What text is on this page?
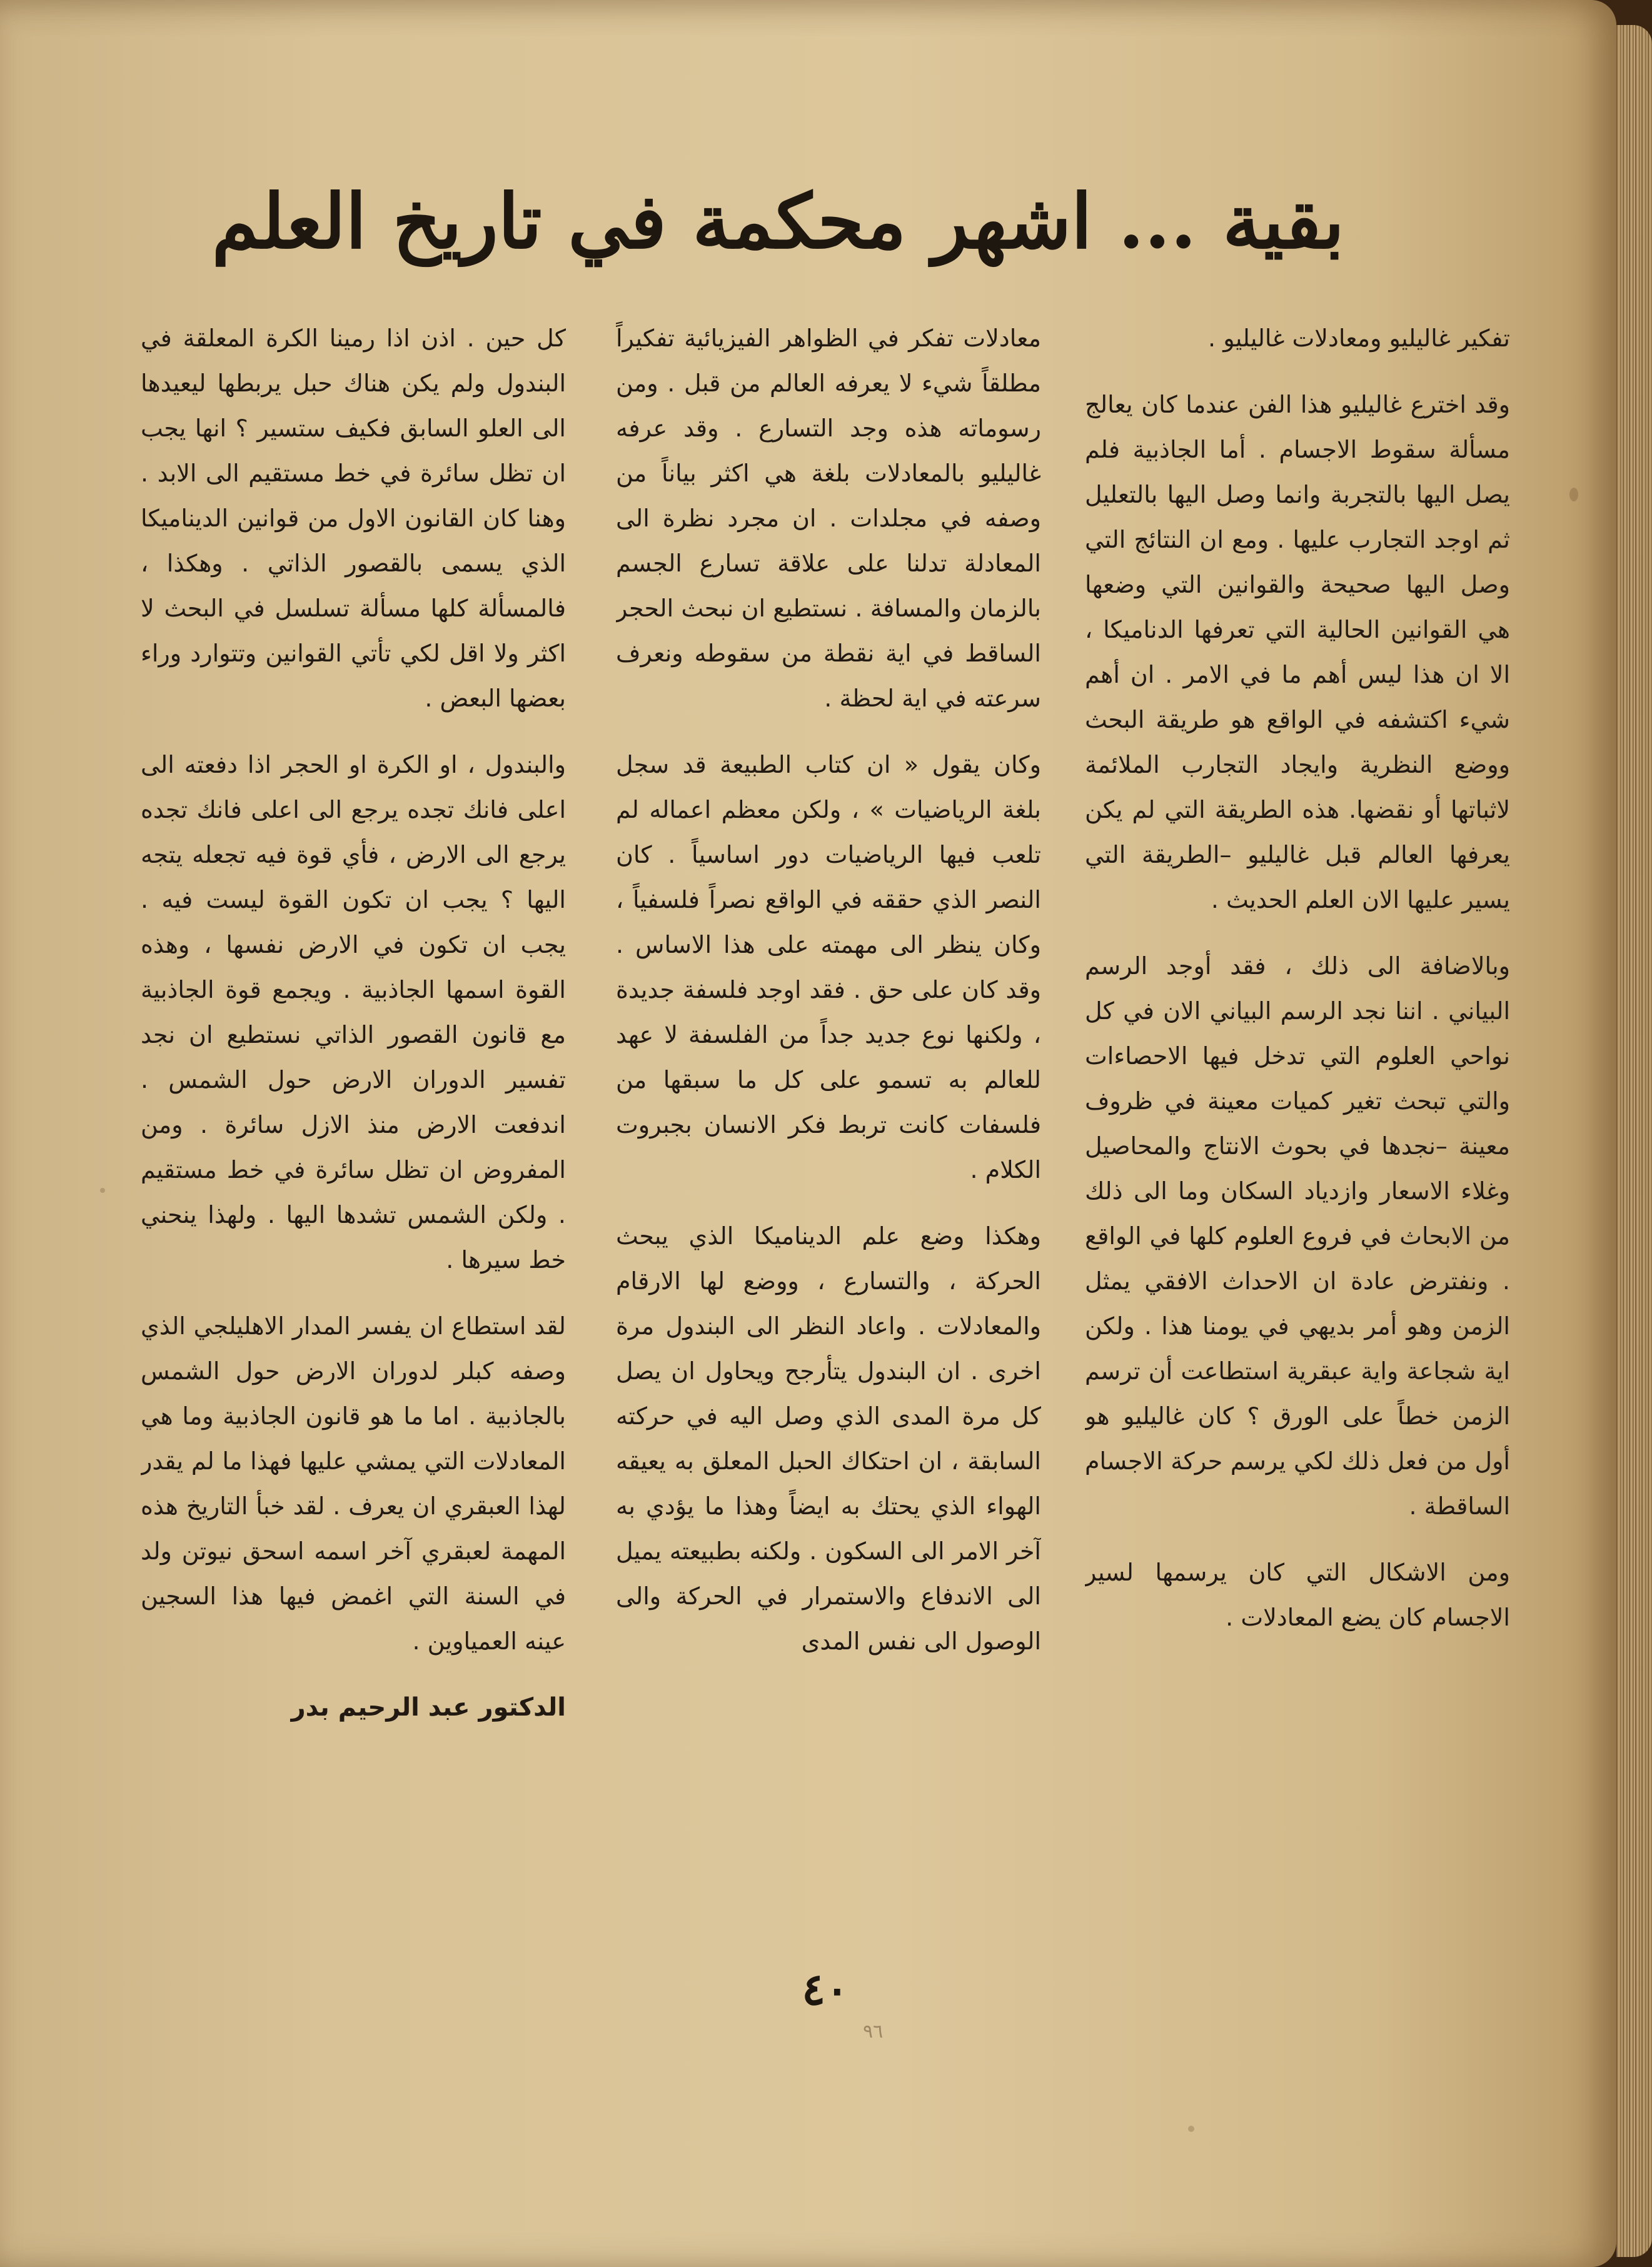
بقية ... اشهر محكمة في تاريخ العلم

تفكير غاليليو ومعادلات غاليليو .

وقد اخترع غاليليو هذا الفن عندما كان يعالج مسألة سقوط الاجسام . أما الجاذبية فلم يصل اليها بالتجربة وانما وصل اليها بالتعليل ثم اوجد التجارب عليها . ومع ان النتائج التي وصل اليها صحيحة والقوانين التي وضعها هي القوانين الحالية التي تعرفها الدناميكا ، الا ان هذا ليس أهم ما في الامر . ان أهم شيء اكتشفه في الواقع هو طريقة البحث ووضع النظرية وايجاد التجارب الملائمة لاثباتها أو نقضها. هذه الطريقة التي لم يكن يعرفها العالم قبل غاليليو –الطريقة التي يسير عليها الان العلم الحديث .

وبالاضافة الى ذلك ، فقد أوجد الرسم البياني . اننا نجد الرسم البياني الان في كل نواحي العلوم التي تدخل فيها الاحصاءات والتي تبحث تغير كميات معينة في ظروف معينة –نجدها في بحوث الانتاج والمحاصيل وغلاء الاسعار وازدياد السكان وما الى ذلك من الابحاث في فروع العلوم كلها في الواقع . ونفترض عادة ان الاحداث الافقي يمثل الزمن وهو أمر بديهي في يومنا هذا . ولكن اية شجاعة واية عبقرية استطاعت أن ترسم الزمن خطاً على الورق ؟ كان غاليليو هو أول من فعل ذلك لكي يرسم حركة الاجسام الساقطة .

ومن الاشكال التي كان يرسمها لسير الاجسام كان يضع المعادلات .

معادلات تفكر في الظواهر الفيزيائية تفكيراً مطلقاً شيء لا يعرفه العالم من قبل . ومن رسوماته هذه وجد التسارع . وقد عرفه غاليليو بالمعادلات بلغة هي اكثر بياناً من وصفه في مجلدات . ان مجرد نظرة الى المعادلة تدلنا على علاقة تسارع الجسم بالزمان والمسافة . نستطيع ان نبحث الحجر الساقط في اية نقطة من سقوطه ونعرف سرعته في اية لحظة .

وكان يقول « ان كتاب الطبيعة قد سجل بلغة الرياضيات » ، ولكن معظم اعماله لم تلعب فيها الرياضيات دور اساسياً . كان النصر الذي حققه في الواقع نصراً فلسفياً ، وكان ينظر الى مهمته على هذا الاساس . وقد كان على حق . فقد اوجد فلسفة جديدة ، ولكنها نوع جديد جداً من الفلسفة لا عهد للعالم به تسمو على كل ما سبقها من فلسفات كانت تربط فكر الانسان بجبروت الكلام .

وهكذا وضع علم الديناميكا الذي يبحث الحركة ، والتسارع ، ووضع لها الارقام والمعادلات . واعاد النظر الى البندول مرة اخرى . ان البندول يتأرجح ويحاول ان يصل كل مرة المدى الذي وصل اليه في حركته السابقة ، ان احتكاك الحبل المعلق به يعيقه الهواء الذي يحتك به ايضاً وهذا ما يؤدي به آخر الامر الى السكون . ولكنه بطبيعته يميل الى الاندفاع والاستمرار في الحركة والى الوصول الى نفس المدى

كل حين . اذن اذا رمينا الكرة المعلقة في البندول ولم يكن هناك حبل يربطها ليعيدها الى العلو السابق فكيف ستسير ؟ انها يجب ان تظل سائرة في خط مستقيم الى الابد . وهنا كان القانون الاول من قوانين الديناميكا الذي يسمى بالقصور الذاتي . وهكذا ، فالمسألة كلها مسألة تسلسل في البحث لا اكثر ولا اقل لكي تأتي القوانين وتتوارد وراء بعضها البعض .

والبندول ، او الكرة او الحجر اذا دفعته الى اعلى فانك تجده يرجع الى اعلى فانك تجده يرجع الى الارض ، فأي قوة فيه تجعله يتجه اليها ؟ يجب ان تكون القوة ليست فيه . يجب ان تكون في الارض نفسها ، وهذه القوة اسمها الجاذبية . ويجمع قوة الجاذبية مع قانون القصور الذاتي نستطيع ان نجد تفسير الدوران الارض حول الشمس . اندفعت الارض منذ الازل سائرة . ومن المفروض ان تظل سائرة في خط مستقيم . ولكن الشمس تشدها اليها . ولهذا ينحني خط سيرها .

لقد استطاع ان يفسر المدار الاهليلجي الذي وصفه كبلر لدوران الارض حول الشمس بالجاذبية . اما ما هو قانون الجاذبية وما هي المعادلات التي يمشي عليها فهذا ما لم يقدر لهذا العبقري ان يعرف . لقد خبأ التاريخ هذه المهمة لعبقري آخر اسمه اسحق نيوتن ولد في السنة التي اغمض فيها هذا السجين عينه العمياوين .

الدكتور عبد الرحيم بدر
٤٠
٩٦
